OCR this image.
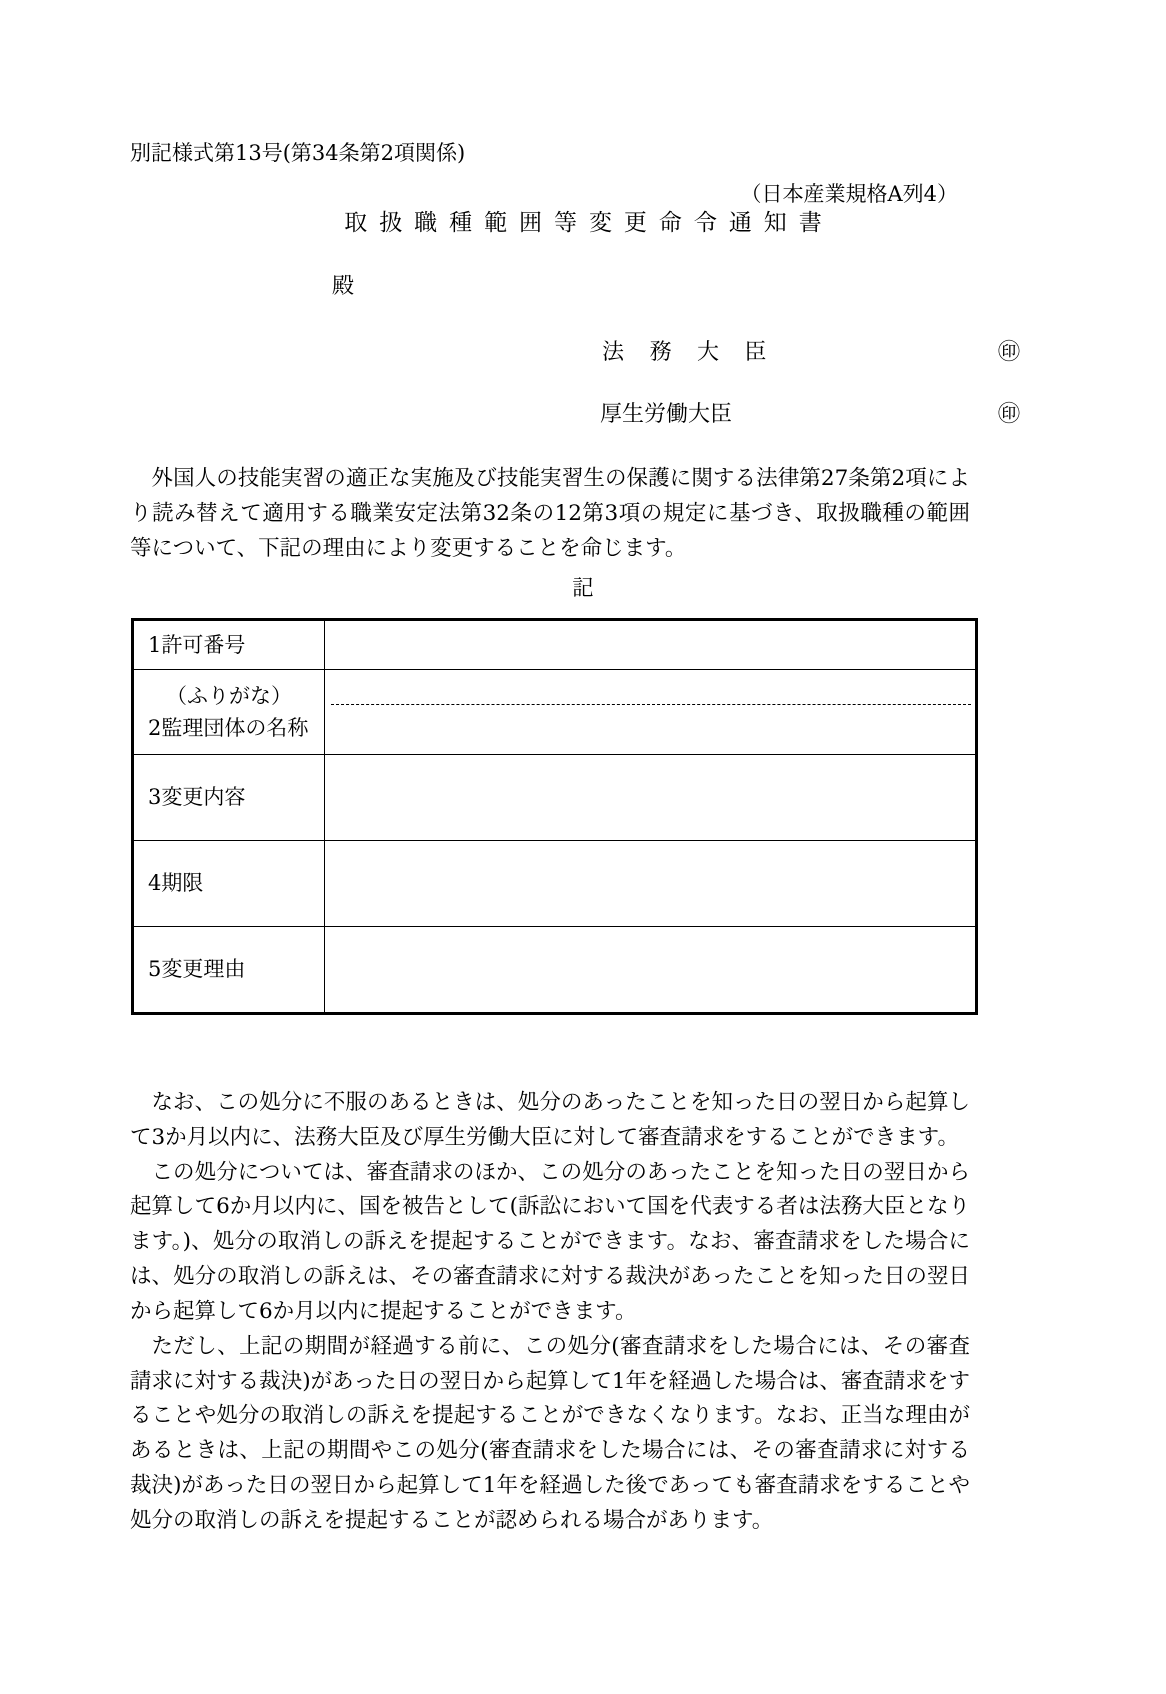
別記様式第13号(第34条第2項関係)
（日本産業規格A列4）
取扱職種範囲等変更命令通知書
殿
法 務 大 臣	㊞
厚生労働大臣	㊞

外国人の技能実習の適正な実施及び技能実習生の保護に関する法律第27条第2項により読み替えて適用する職業安定法第32条の12第3項の規定に基づき、取扱職種の範囲等について、下記の理由により変更することを命じます。

記
1許可番号	

（ふりがな）
2監理団体の名称	

3変更内容	

4期限	

5変更理由	

なお、この処分に不服のあるときは、処分のあったことを知った日の翌日から起算して3か月以内に、法務大臣及び厚生労働大臣に対して審査請求をすることができます。

この処分については、審査請求のほか、この処分のあったことを知った日の翌日から起算して6か月以内に、国を被告として(訴訟において国を代表する者は法務大臣となります。)、処分の取消しの訴えを提起することができます。なお、審査請求をした場合には、処分の取消しの訴えは、その審査請求に対する裁決があったことを知った日の翌日から起算して6か月以内に提起することができます。

ただし、上記の期間が経過する前に、この処分(審査請求をした場合には、その審査請求に対する裁決)があった日の翌日から起算して1年を経過した場合は、審査請求をすることや処分の取消しの訴えを提起することができなくなります。なお、正当な理由があるときは、上記の期間やこの処分(審査請求をした場合には、その審査請求に対する裁決)があった日の翌日から起算して1年を経過した後であっても審査請求をすることや処分の取消しの訴えを提起することが認められる場合があります。
